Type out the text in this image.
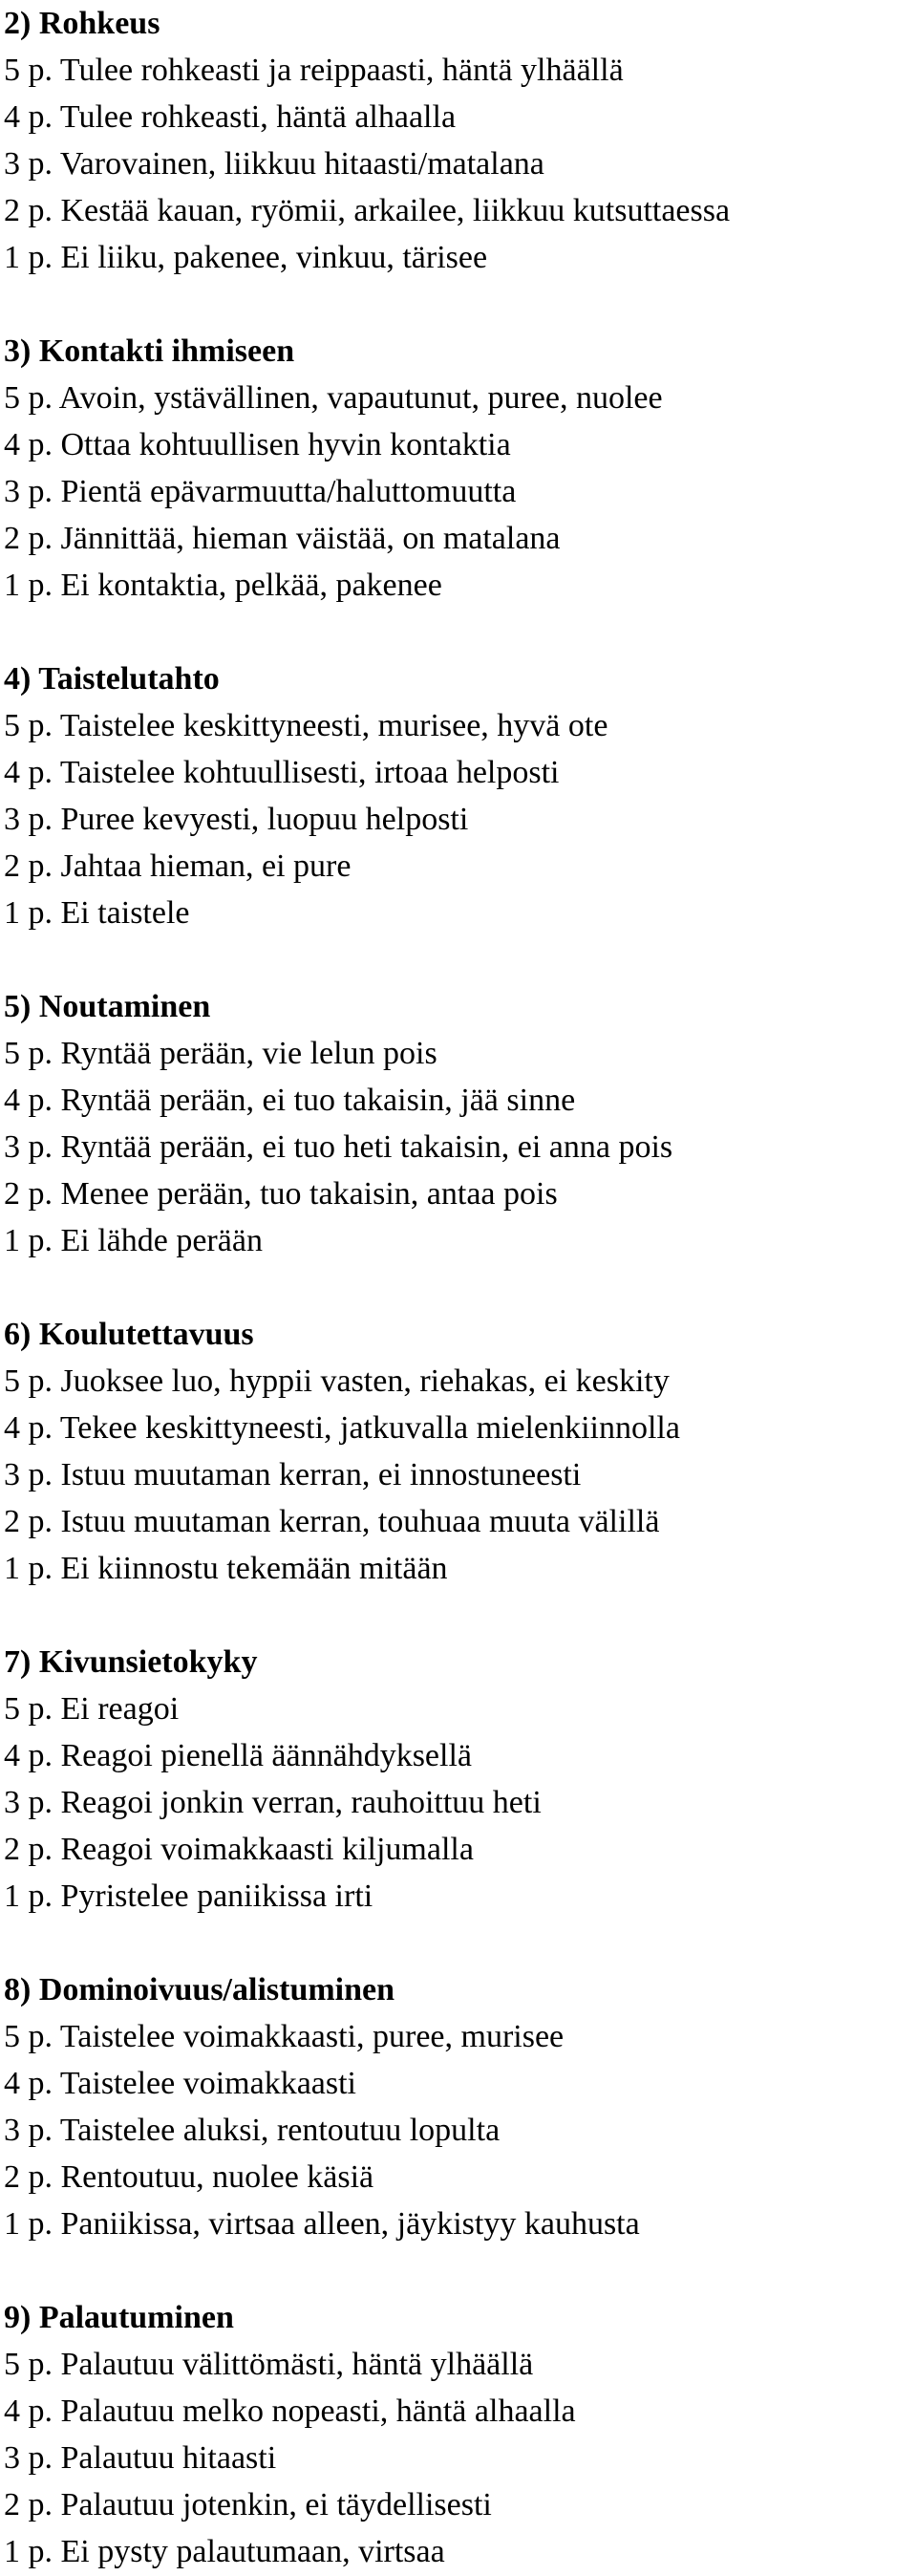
2) Rohkeus
5 p. Tulee rohkeasti ja reippaasti, häntä ylhäällä
4 p. Tulee rohkeasti, häntä alhaalla
3 p. Varovainen, liikkuu hitaasti/matalana
2 p. Kestää kauan, ryömii, arkailee, liikkuu kutsuttaessa
1 p. Ei liiku, pakenee, vinkuu, tärisee
3) Kontakti ihmiseen
5 p. Avoin, ystävällinen, vapautunut, puree, nuolee
4 p. Ottaa kohtuullisen hyvin kontaktia
3 p. Pientä epävarmuutta/haluttomuutta
2 p. Jännittää, hieman väistää, on matalana
1 p. Ei kontaktia, pelkää, pakenee
4) Taistelutahto
5 p. Taistelee keskittyneesti, murisee, hyvä ote
4 p. Taistelee kohtuullisesti, irtoaa helposti
3 p. Puree kevyesti, luopuu helposti
2 p. Jahtaa hieman, ei pure
1 p. Ei taistele
5) Noutaminen
5 p. Ryntää perään, vie lelun pois
4 p. Ryntää perään, ei tuo takaisin, jää sinne
3 p. Ryntää perään, ei tuo heti takaisin, ei anna pois
2 p. Menee perään, tuo takaisin, antaa pois
1 p. Ei lähde perään
6) Koulutettavuus
5 p. Juoksee luo, hyppii vasten, riehakas, ei keskity
4 p. Tekee keskittyneesti, jatkuvalla mielenkiinnolla
3 p. Istuu muutaman kerran, ei innostuneesti
2 p. Istuu muutaman kerran, touhuaa muuta välillä
1 p. Ei kiinnostu tekemään mitään
7) Kivunsietokyky
5 p. Ei reagoi
4 p. Reagoi pienellä äännähdyksellä
3 p. Reagoi jonkin verran, rauhoittuu heti
2 p. Reagoi voimakkaasti kiljumalla
1 p. Pyristelee paniikissa irti
8) Dominoivuus/alistuminen
5 p. Taistelee voimakkaasti, puree, murisee
4 p. Taistelee voimakkaasti
3 p. Taistelee aluksi, rentoutuu lopulta
2 p. Rentoutuu, nuolee käsiä
1 p. Paniikissa, virtsaa alleen, jäykistyy kauhusta
9) Palautuminen
5 p. Palautuu välittömästi, häntä ylhäällä
4 p. Palautuu melko nopeasti, häntä alhaalla
3 p. Palautuu hitaasti
2 p. Palautuu jotenkin, ei täydellisesti
1 p. Ei pysty palautumaan, virtsaa
